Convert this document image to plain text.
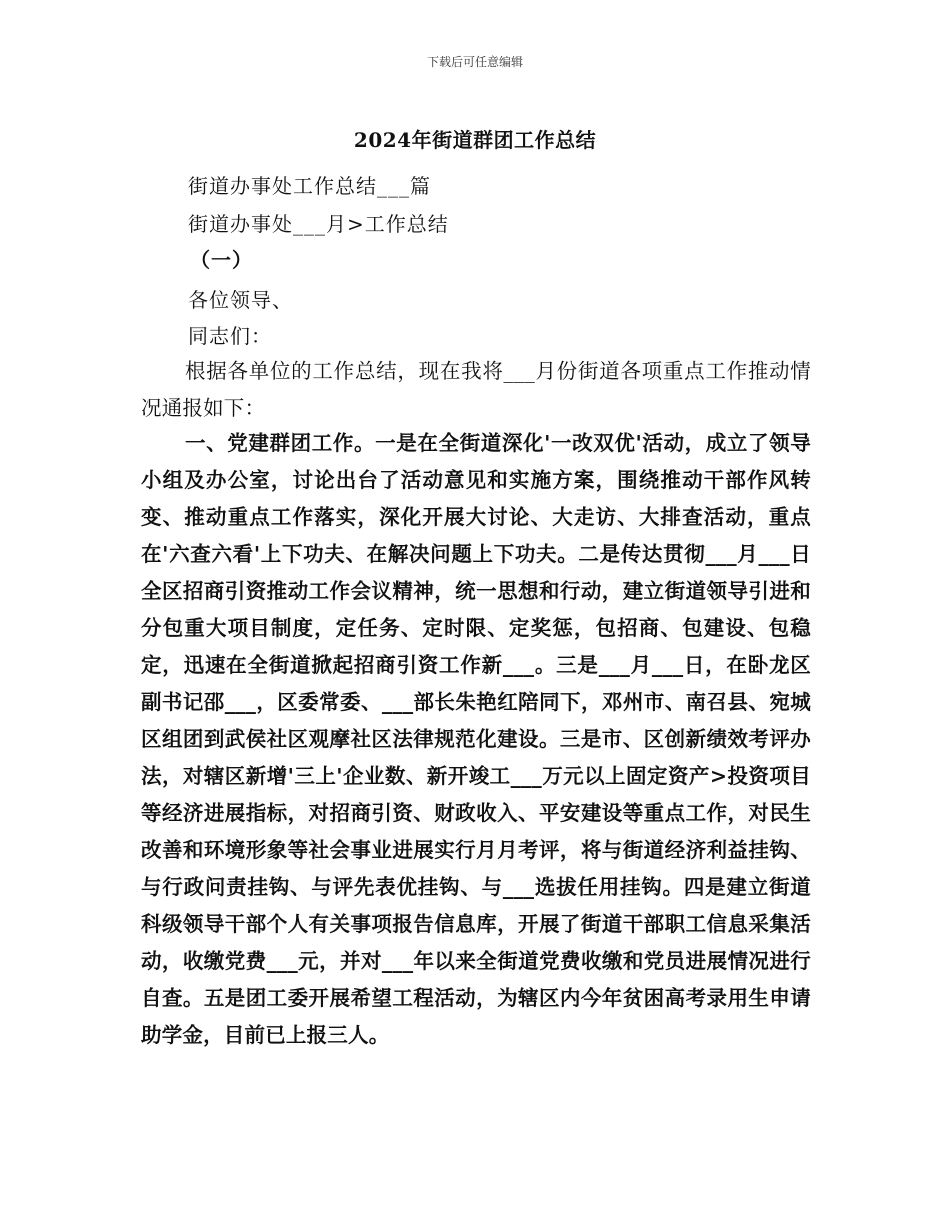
下载后可任意编辑
2024年街道群团工作总结
街道办事处工作总结___篇
街道办事处___月>工作总结
（一）
各位领导、
同志们：
根据各单位的工作总结，现在我将___月份街道各项重点工作推动情况通报如下：
一、党建群团工作。一是在全街道深化'一改双优'活动，成立了领导小组及办公室，讨论出台了活动意见和实施方案，围绕推动干部作风转变、推动重点工作落实，深化开展大讨论、大走访、大排查活动，重点在'六查六看'上下功夫、在解决问题上下功夫。二是传达贯彻___月___日全区招商引资推动工作会议精神，统一思想和行动，建立街道领导引进和分包重大项目制度，定任务、定时限、定奖惩，包招商、包建设、包稳定，迅速在全街道掀起招商引资工作新___。三是___月___日，在卧龙区副书记邵___，区委常委、___部长朱艳红陪同下，邓州市、南召县、宛城区组团到武侯社区观摩社区法律规范化建设。三是市、区创新绩效考评办法，对辖区新增'三上'企业数、新开竣工___万元以上固定资产>投资项目等经济进展指标，对招商引资、财政收入、平安建设等重点工作，对民生改善和环境形象等社会事业进展实行月月考评，将与街道经济利益挂钩、与行政问责挂钩、与评先表优挂钩、与___选拔任用挂钩。四是建立街道科级领导干部个人有关事项报告信息库，开展了街道干部职工信息采集活动，收缴党费___元，并对___年以来全街道党费收缴和党员进展情况进行自查。五是团工委开展希望工程活动，为辖区内今年贫困高考录用生申请助学金，目前已上报三人。
